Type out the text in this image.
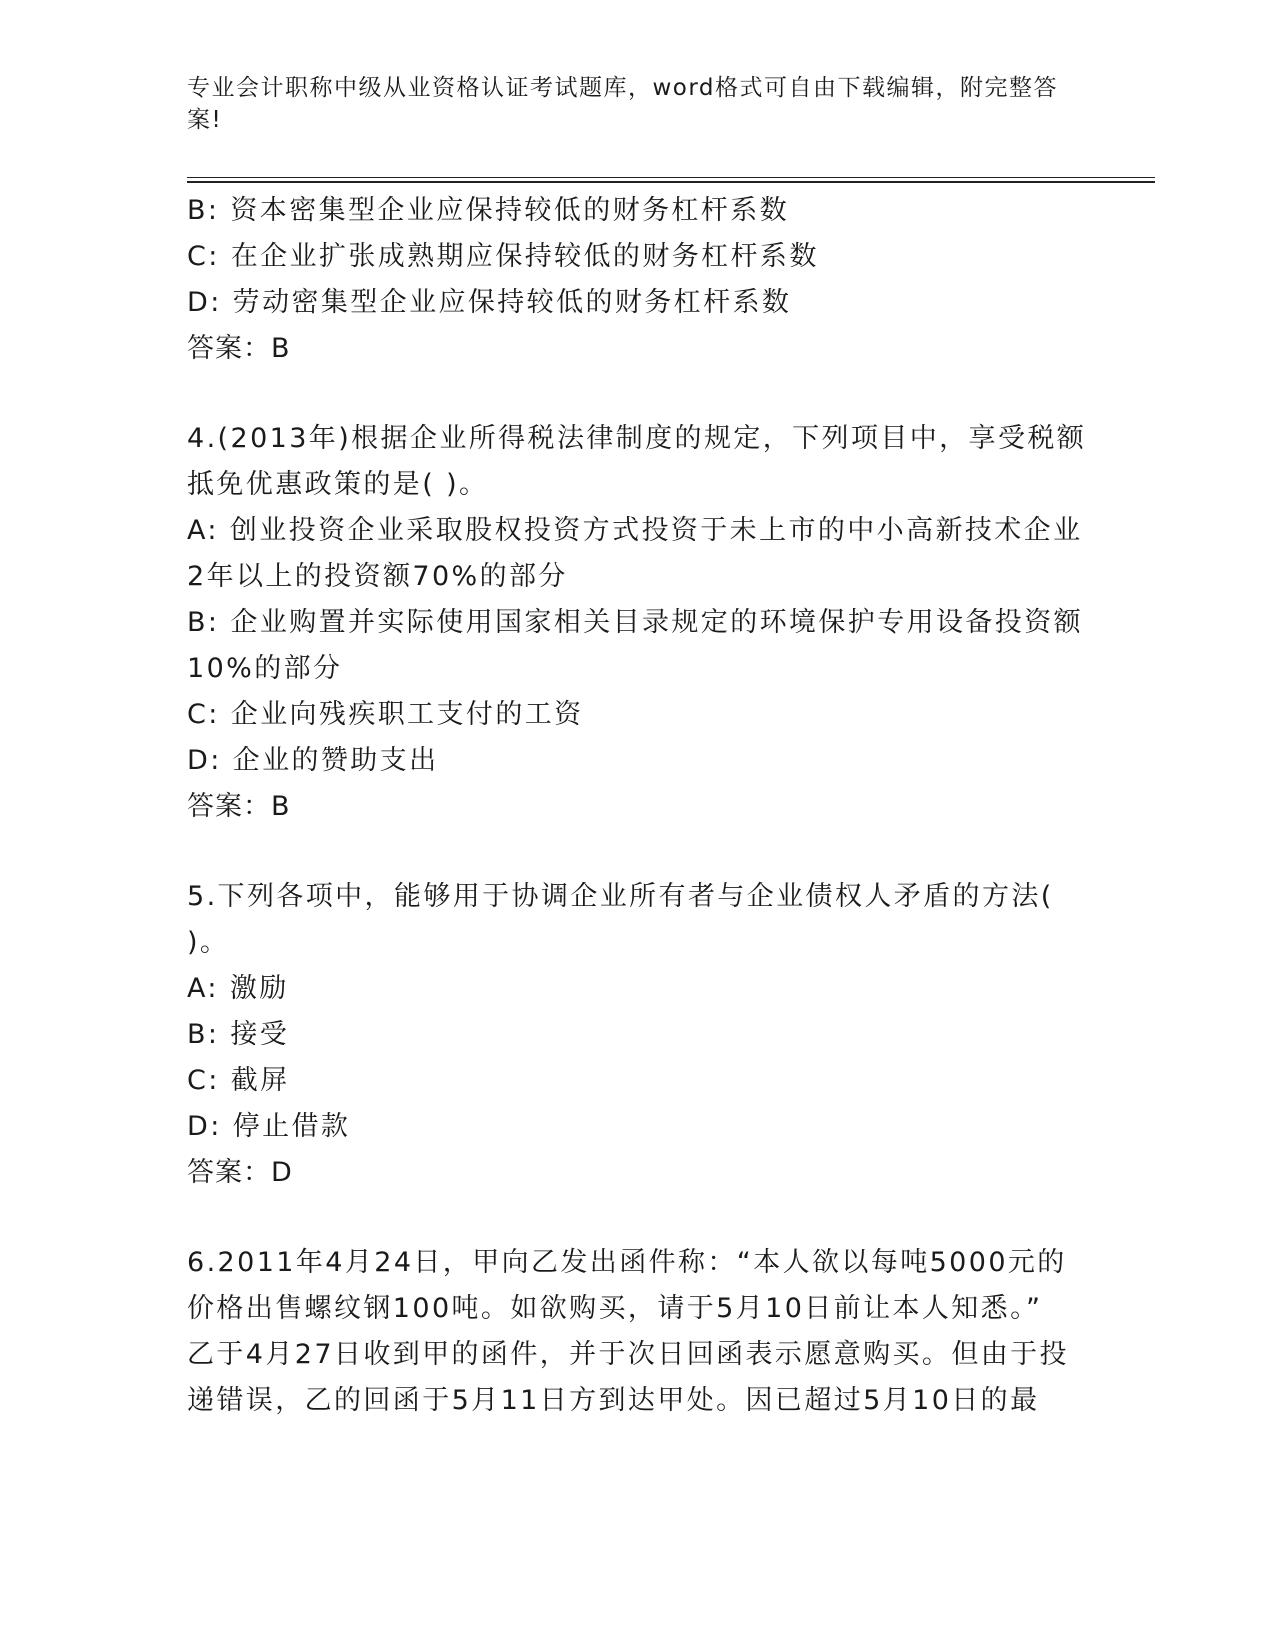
专业会计职称中级从业资格认证考试题库，word格式可自由下载编辑，附完整答
案!
B: 资本密集型企业应保持较低的财务杠杆系数
C: 在企业扩张成熟期应保持较低的财务杠杆系数
D: 劳动密集型企业应保持较低的财务杠杆系数
答案：B
4.(2013年)根据企业所得税法律制度的规定，下列项目中，享受税额
抵免优惠政策的是( )。
A: 创业投资企业采取股权投资方式投资于未上市的中小高新技术企业
2年以上的投资额70%的部分
B: 企业购置并实际使用国家相关目录规定的环境保护专用设备投资额
10%的部分
C: 企业向残疾职工支付的工资
D: 企业的赞助支出
答案：B
5.下列各项中，能够用于协调企业所有者与企业债权人矛盾的方法(
)。
A: 激励
B: 接受
C: 截屏
D: 停止借款
答案：D
6.2011年4月24日，甲向乙发出函件称：“本人欲以每吨5000元的
价格出售螺纹钢100吨。如欲购买，请于5月10日前让本人知悉。”
乙于4月27日收到甲的函件，并于次日回函表示愿意购买。但由于投
递错误，乙的回函于5月11日方到达甲处。因已超过5月10日的最
